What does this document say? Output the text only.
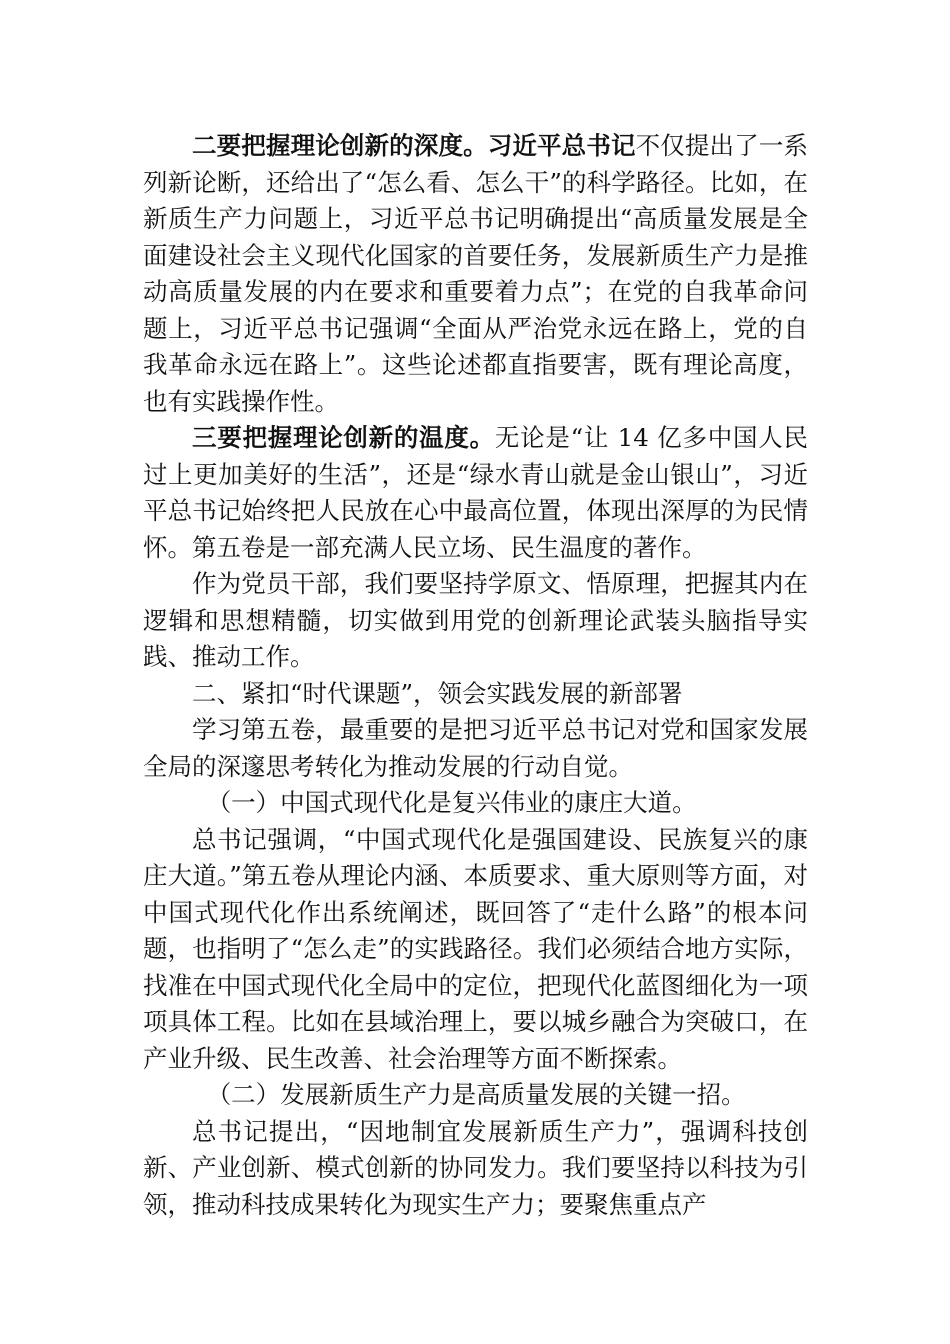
二要把握理论创新的深度。习近平总书记不仅提出了一系列新论断，还给出了“怎么看、怎么干”的科学路径。比如，在新质生产力问题上，习近平总书记明确提出“高质量发展是全面建设社会主义现代化国家的首要任务，发展新质生产力是推动高质量发展的内在要求和重要着力点”；在党的自我革命问题上，习近平总书记强调“全面从严治党永远在路上，党的自我革命永远在路上”。这些论述都直指要害，既有理论高度，也有实践操作性。

三要把握理论创新的温度。无论是“让 14 亿多中国人民过上更加美好的生活”，还是“绿水青山就是金山银山”，习近平总书记始终把人民放在心中最高位置，体现出深厚的为民情怀。第五卷是一部充满人民立场、民生温度的著作。

作为党员干部，我们要坚持学原文、悟原理，把握其内在逻辑和思想精髓，切实做到用党的创新理论武装头脑指导实践、推动工作。

二、紧扣“时代课题”，领会实践发展的新部署

学习第五卷，最重要的是把习近平总书记对党和国家发展全局的深邃思考转化为推动发展的行动自觉。

（一）中国式现代化是复兴伟业的康庄大道。

总书记强调，“中国式现代化是强国建设、民族复兴的康庄大道。”第五卷从理论内涵、本质要求、重大原则等方面，对中国式现代化作出系统阐述，既回答了“走什么路”的根本问题，也指明了“怎么走”的实践路径。我们必须结合地方实际，找准在中国式现代化全局中的定位，把现代化蓝图细化为一项项具体工程。比如在县域治理上，要以城乡融合为突破口，在产业升级、民生改善、社会治理等方面不断探索。

（二）发展新质生产力是高质量发展的关键一招。

总书记提出，“因地制宜发展新质生产力”，强调科技创新、产业创新、模式创新的协同发力。我们要坚持以科技为引领，推动科技成果转化为现实生产力；要聚焦重点产
